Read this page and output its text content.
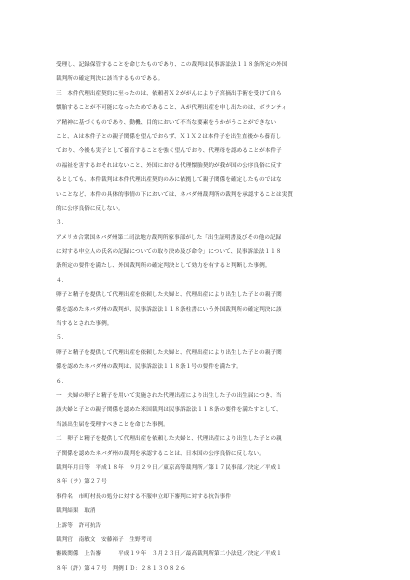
受理し、記録保管することを命じたものであり、この裁判は民事訴訟法１１８条所定の外国
裁判所の確定判決に該当するものである。
三　本件代理出産契約に至ったのは、依頼者Ｘ２ががんにより子宮摘出手術を受けて自ら
懐胎することが不可能になったためであること、Ａが代理出産を申し出たのは、ボランティ
ア精神に基づくものであり、動機、目的において不当な要素をうかがうことができない
こと、Ａは本件子との親子関係を望んでおらず、Ｘ１Ｘ２は本件子を出生直後から養育し
ており、今後も実子として養育することを強く望んでおり、代理母を認めることが本件子
の福祉を害するおそれはないこと、外国における代理懐胎契約が我が国の公序良俗に反す
るとしても、本件裁判は本件代理出産契約のみに依拠して親子関係を確定したものではな
いことなど、本件の具体的事情の下においては、ネバダ州裁判所の裁判を承認することは実質
的に公序良俗に反しない。
３．
アメリカ合衆国ネバダ州第二司法地方裁判所家事部がした「出生証明書及びその他の記録
に対する申立人の氏名の記録についての取り決め及び命令」について、民事訴訟法１１８
条所定の要件を満たし、外国裁判所の確定判決として効力を有すると判断した事例。
４．
卵子と精子を提供して代理出産を依頼した夫婦と、代理出産により出生した子との親子関
係を認めたネバダ州の裁判が、民事訴訟法１１８条柱書にいう外国裁判所の確定判決に該
当するとされた事例。
５．
卵子と精子を提供して代理出産を依頼した夫婦と、代理出産により出生した子との親子関
係を認めたネバダ州の裁判は、民事訴訟法１１８条１号の要件を満たす。
６．
一　夫婦の卵子と精子を用いて実施された代理出産により出生した子の出生届につき、当
該夫婦と子との親子関係を認めた米国裁判は民事訴訟法１１８条の要件を満たすとして、
当該出生届を受理すべきことを命じた事例。
二　卵子と精子を提供して代理出産を依頼した夫婦と、代理出産により出生した子との親
子関係を認めたネバダ州の裁判を承認することは、日本国の公序良俗に反しない。
裁判年月日等　平成１８年　９月２９日／東京高等裁判所／第１７民事部／決定／平成１
８年（ラ）第２７号
事件名　市町村長の処分に対する不服申立却下審判に対する抗告事件
裁判結果　取消
上訴等　許可抗告
裁判官　南敏文　安藤裕子　生野考司
審級関係　上告審　　　平成１９年　３月２３日／最高裁判所第二小法廷／決定／平成１
８年（許）第４７号　判例ＩＤ：２８１３０８２６
